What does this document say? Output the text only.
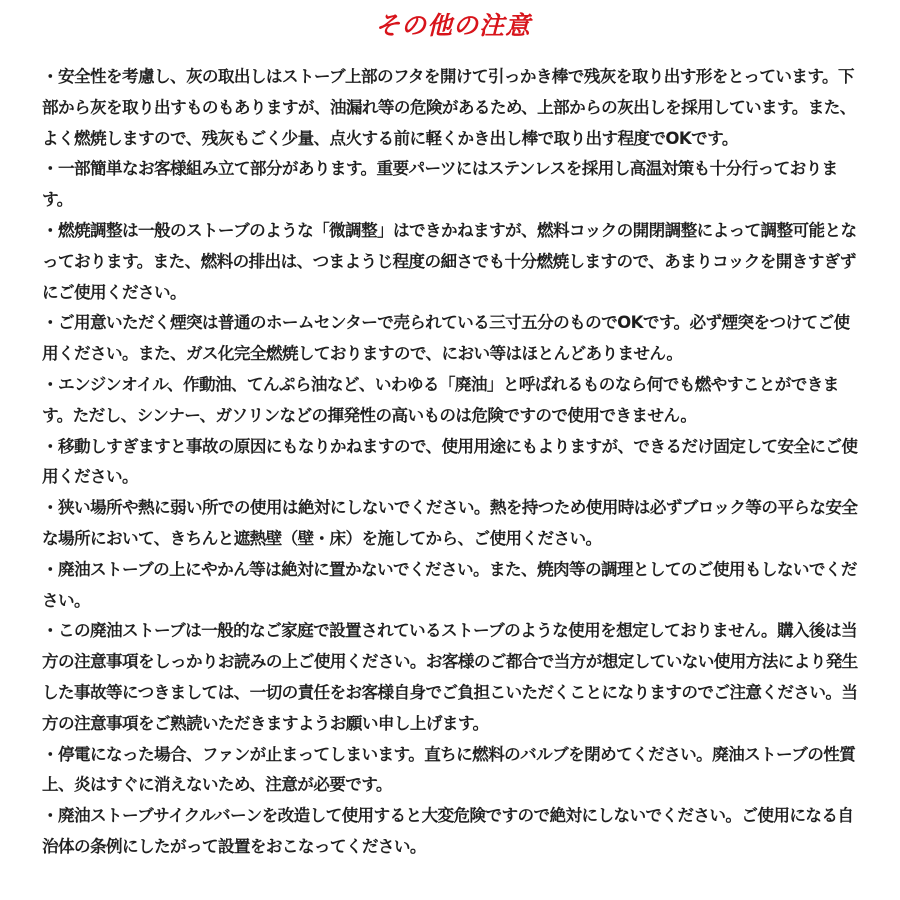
その他の注意

・安全性を考慮し、灰の取出しはストーブ上部のフタを開けて引っかき棒で残灰を取り出す形をとっています。下部から灰を取り出すものもありますが、油漏れ等の危険があるため、上部からの灰出しを採用しています。また、よく燃焼しますので、残灰もごく少量、点火する前に軽くかき出し棒で取り出す程度でOKです。

・一部簡単なお客様組み立て部分があります。重要パーツにはステンレスを採用し高温対策も十分行っております。

・燃焼調整は一般のストーブのような「微調整」はできかねますが、燃料コックの開閉調整によって調整可能となっております。また、燃料の排出は、つまようじ程度の細さでも十分燃焼しますので、あまりコックを開きすぎずにご使用ください。

・ご用意いただく煙突は普通のホームセンターで売られている三寸五分のものでOKです。必ず煙突をつけてご使用ください。また、ガス化完全燃焼しておりますので、におい等はほとんどありません。

・エンジンオイル、作動油、てんぷら油など、いわゆる「廃油」と呼ばれるものなら何でも燃やすことができます。ただし、シンナー、ガソリンなどの揮発性の高いものは危険ですので使用できません。

・移動しすぎますと事故の原因にもなりかねますので、使用用途にもよりますが、できるだけ固定して安全にご使用ください。

・狭い場所や熱に弱い所での使用は絶対にしないでください。熱を持つため使用時は必ずブロック等の平らな安全な場所において、きちんと遮熱壁（壁・床）を施してから、ご使用ください。

・廃油ストーブの上にやかん等は絶対に置かないでください。また、焼肉等の調理としてのご使用もしないでください。

・この廃油ストーブは一般的なご家庭で設置されているストーブのような使用を想定しておりません。購入後は当方の注意事項をしっかりお読みの上ご使用ください。お客様のご都合で当方が想定していない使用方法により発生した事故等につきましては、一切の責任をお客様自身でご負担こいただくことになりますのでご注意ください。当方の注意事項をご熟読いただきますようお願い申し上げます。

・停電になった場合、ファンが止まってしまいます。直ちに燃料のバルブを閉めてください。廃油ストーブの性質上、炎はすぐに消えないため、注意が必要です。

・廃油ストーブサイクルバーンを改造して使用すると大変危険ですので絶対にしないでください。ご使用になる自治体の条例にしたがって設置をおこなってください。
